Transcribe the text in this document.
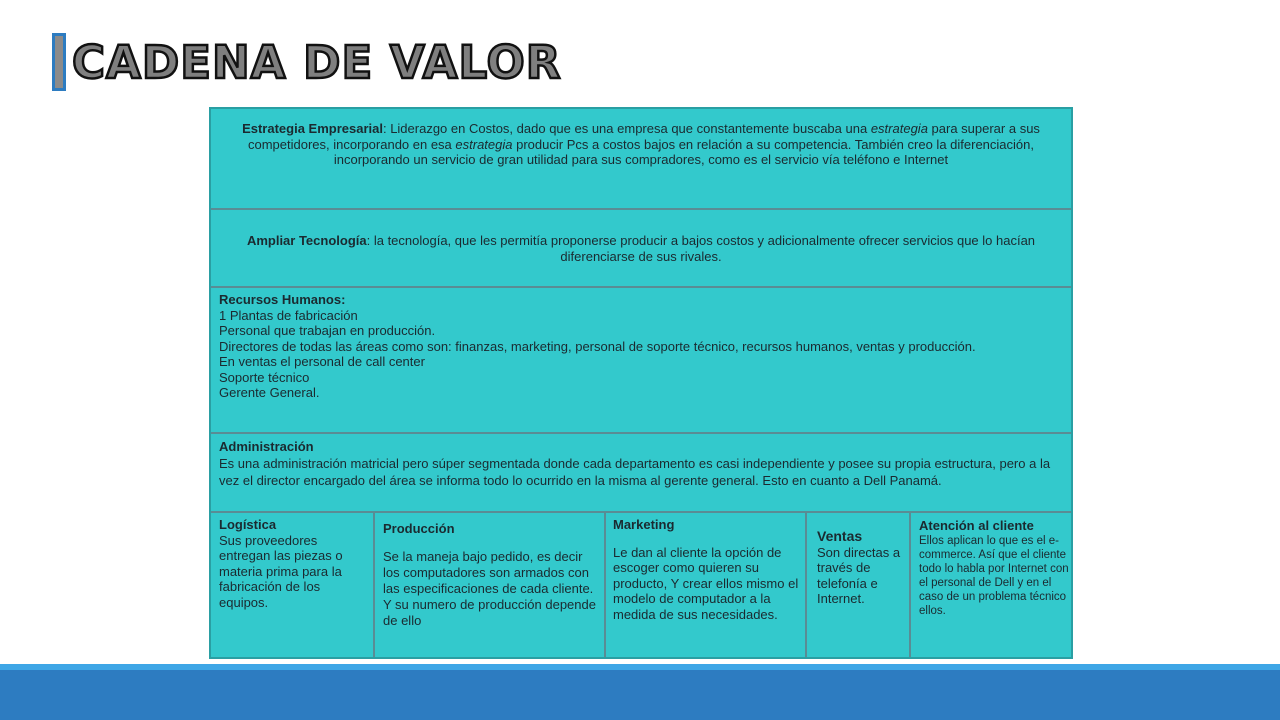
CADENA DE VALOR
Estrategia Empresarial: Liderazgo en Costos, dado que es una empresa que constantemente buscaba una estrategia para superar a sus competidores, incorporando en esa estrategia producir Pcs a costos bajos en relación a su competencia. También creo la diferenciación, incorporando un servicio de gran utilidad para sus compradores, como es el servicio vía teléfono e Internet
Ampliar Tecnología: la tecnología, que les permitía proponerse producir a bajos costos y adicionalmente ofrecer servicios que lo hacían diferenciarse de sus rivales.
Recursos Humanos:
1 Plantas de fabricación
Personal que trabajan en producción.
Directores de todas las áreas como son: finanzas, marketing, personal de soporte técnico, recursos humanos, ventas y producción.
En ventas el personal de call center
Soporte técnico
Gerente General.
Administración
Es una administración matricial pero súper segmentada donde cada departamento es casi independiente y posee su propia estructura, pero a la vez el director encargado del área se informa todo lo ocurrido en la misma al gerente general. Esto en cuanto a Dell Panamá.
Logística
Sus proveedores entregan las piezas o materia prima para la fabricación de los equipos.
Producción
Se la maneja bajo pedido, es decir los computadores son armados con las especificaciones de cada cliente. Y su numero de producción depende de ello
Marketing
Le dan al cliente la opción de escoger como quieren su producto, Y crear ellos mismo el modelo de computador a la medida de sus necesidades.
Ventas
Son directas a través de telefonía e Internet.
Atención al cliente
Ellos aplican lo que es el e-commerce. Así que el cliente todo lo habla por Internet con el personal de Dell y en el caso de un problema técnico ellos.
